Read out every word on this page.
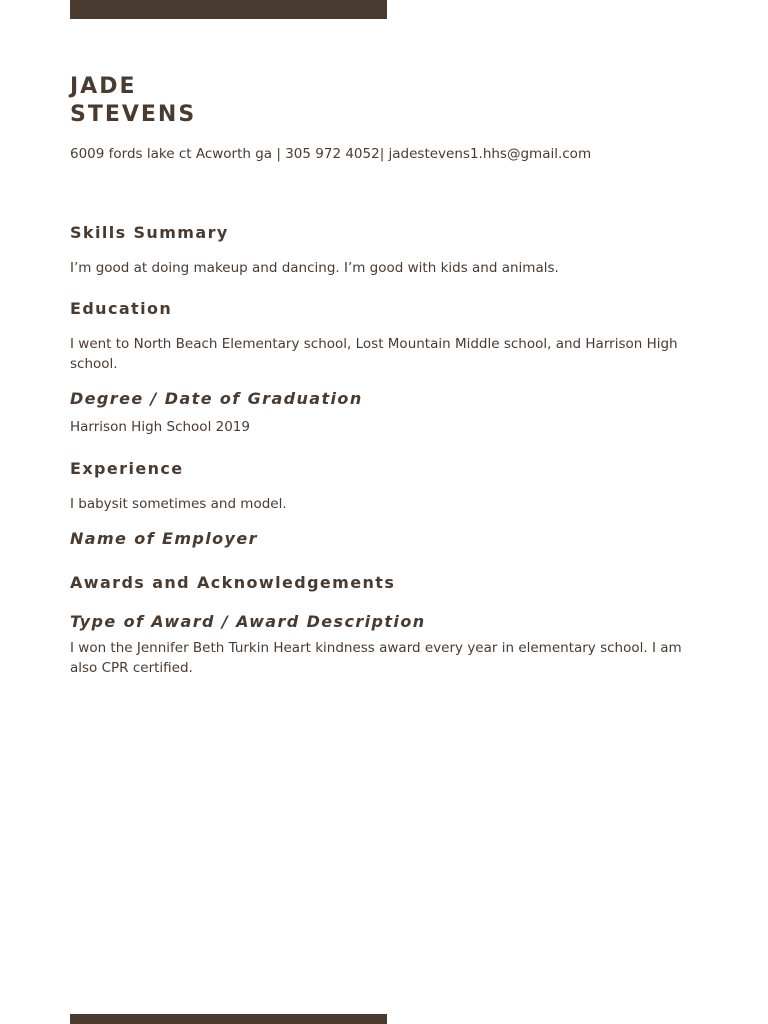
JADE
STEVENS

6009 fords lake ct Acworth ga | 305 972 4052| jadestevens1.hhs@gmail.com

Skills Summary

I’m good at doing makeup and dancing. I’m good with kids and animals.

Education

I went to North Beach Elementary school, Lost Mountain Middle school, and Harrison High school.

Degree / Date of Graduation

Harrison High School 2019

Experience

I babysit sometimes and model.

Name of Employer
Awards and Acknowledgements
Type of Award / Award Description

I won the Jennifer Beth Turkin Heart kindness award every year in elementary school. I am also CPR certified.
